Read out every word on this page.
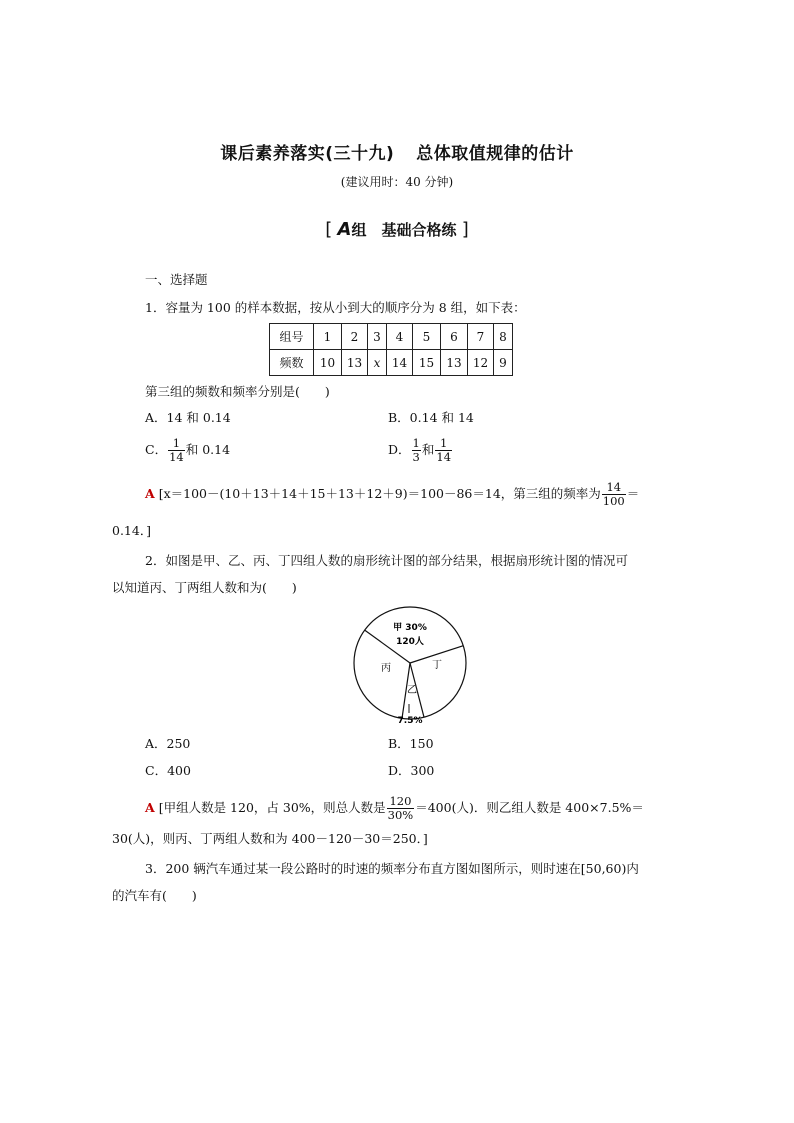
课后素养落实(三十九) 总体取值规律的估计
(建议用时：40 分钟)
[ A组　基础合格练 ]
一、选择题
1．容量为 100 的样本数据，按从小到大的顺序分为 8 组，如下表：
组号	1	2	3	4	5	6	7	8
频数	10	13	x	14	15	13	12	9
第三组的频数和频率分别是(　　)
A．14 和 0.14	B．0.14 和 14
C． $\frac{1}{14}$ 和 0.14	D． $\frac{1}{3}$ 和 $\frac{1}{14}$
A [x＝100－(10＋13＋14＋15＋13＋12＋9)＝100－86＝14，第三组的频率为 $\frac{14}{100}$ ＝
0.14．]
2．如图是甲、乙、丙、丁四组人数的扇形统计图的部分结果，根据扇形统计图的情况可
以知道丙、丁两组人数和为(　　)
甲 30%
120人
丙	丁
乙
7.5%
A．250	B．150
C．400	D．300
A [甲组人数是 120，占 30%，则总人数是 $\frac{120}{30\%} =400$(人)．则乙组人数是 400×7.5%＝
30(人)，则丙、丁两组人数和为 400－120－30＝250．]
3．200 辆汽车通过某一段公路时的时速的频率分布直方图如图所示，则时速在[50,60)内
的汽车有(　　)
